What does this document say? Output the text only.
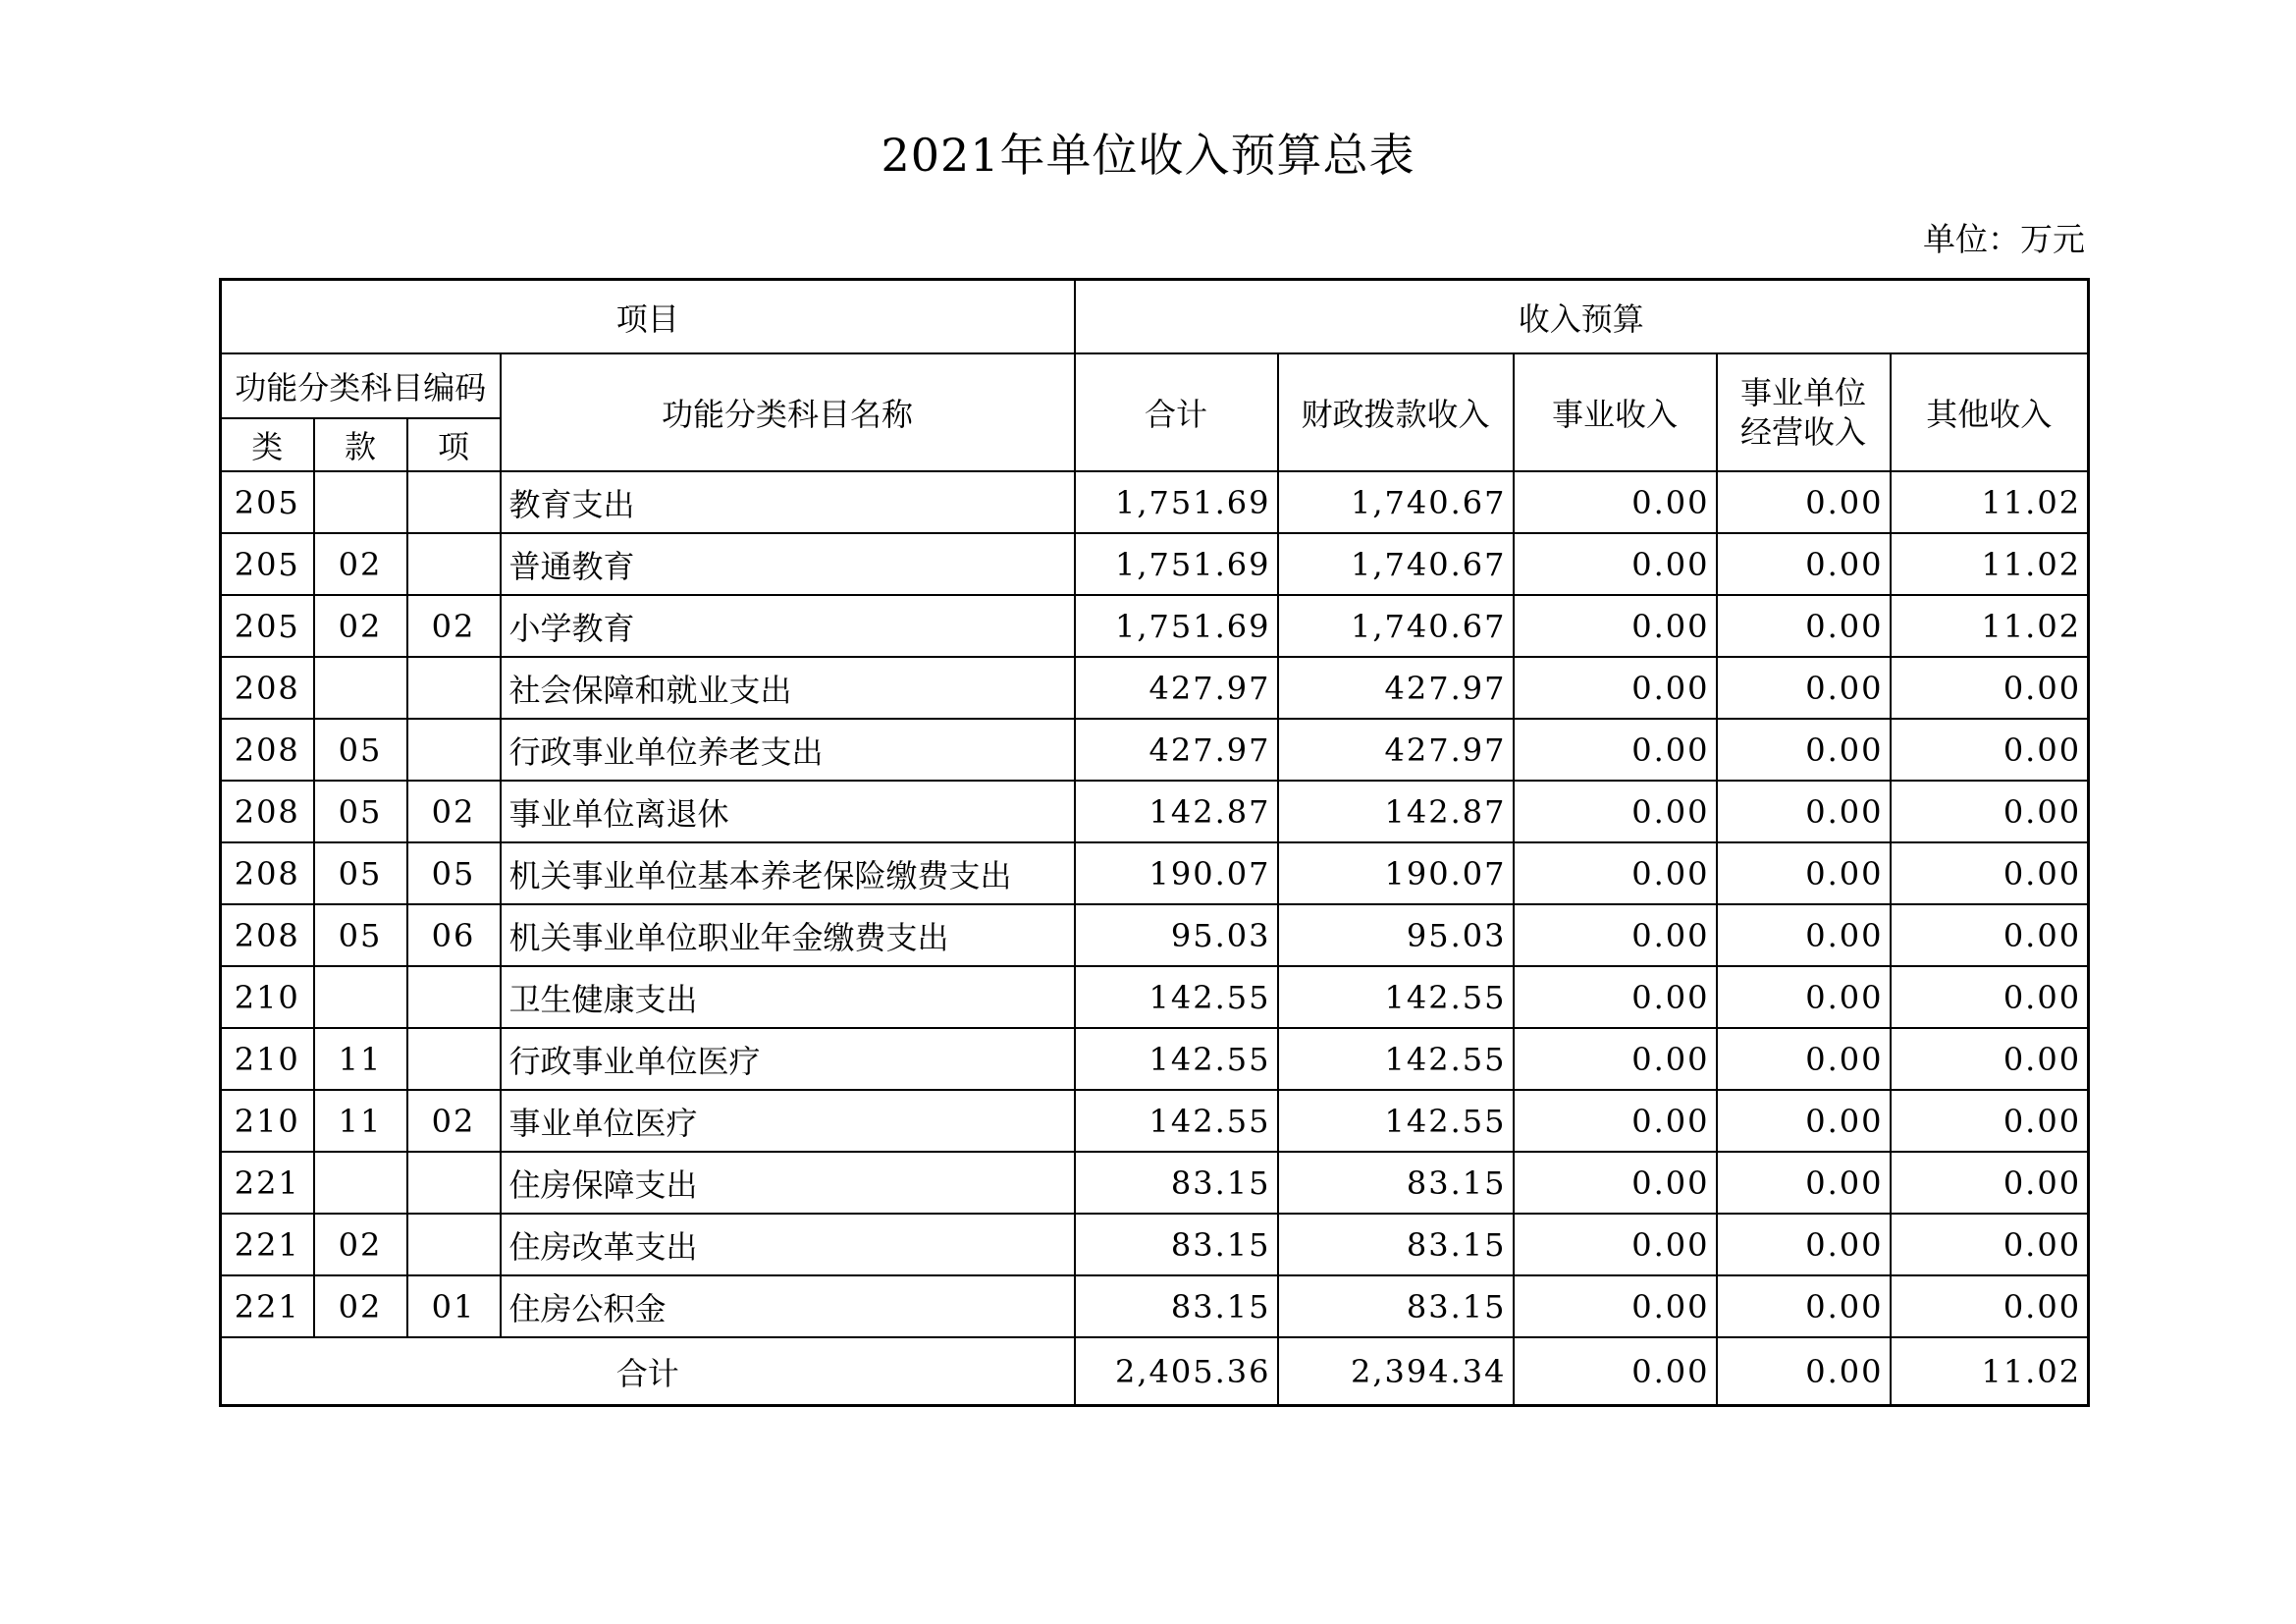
2021年单位收入预算总表
单位：万元
项目				收入预算				
功能分类科目编码			功能分类科目名称	合计	财政拨款收入	事业收入	事业单位经营收入	其他收入
类	款	项						
205			教育支出	1,751.69	1,740.67	0.00	0.00	11.02
205	02		普通教育	1,751.69	1,740.67	0.00	0.00	11.02
205	02	02	小学教育	1,751.69	1,740.67	0.00	0.00	11.02
208			社会保障和就业支出	427.97	427.97	0.00	0.00	0.00
208	05		行政事业单位养老支出	427.97	427.97	0.00	0.00	0.00
208	05	02	事业单位离退休	142.87	142.87	0.00	0.00	0.00
208	05	05	机关事业单位基本养老保险缴费支出	190.07	190.07	0.00	0.00	0.00
208	05	06	机关事业单位职业年金缴费支出	95.03	95.03	0.00	0.00	0.00
210			卫生健康支出	142.55	142.55	0.00	0.00	0.00
210	11		行政事业单位医疗	142.55	142.55	0.00	0.00	0.00
210	11	02	事业单位医疗	142.55	142.55	0.00	0.00	0.00
221			住房保障支出	83.15	83.15	0.00	0.00	0.00
221	02		住房改革支出	83.15	83.15	0.00	0.00	0.00
221	02	01	住房公积金	83.15	83.15	0.00	0.00	0.00
合计				2,405.36	2,394.34	0.00	0.00	11.02
